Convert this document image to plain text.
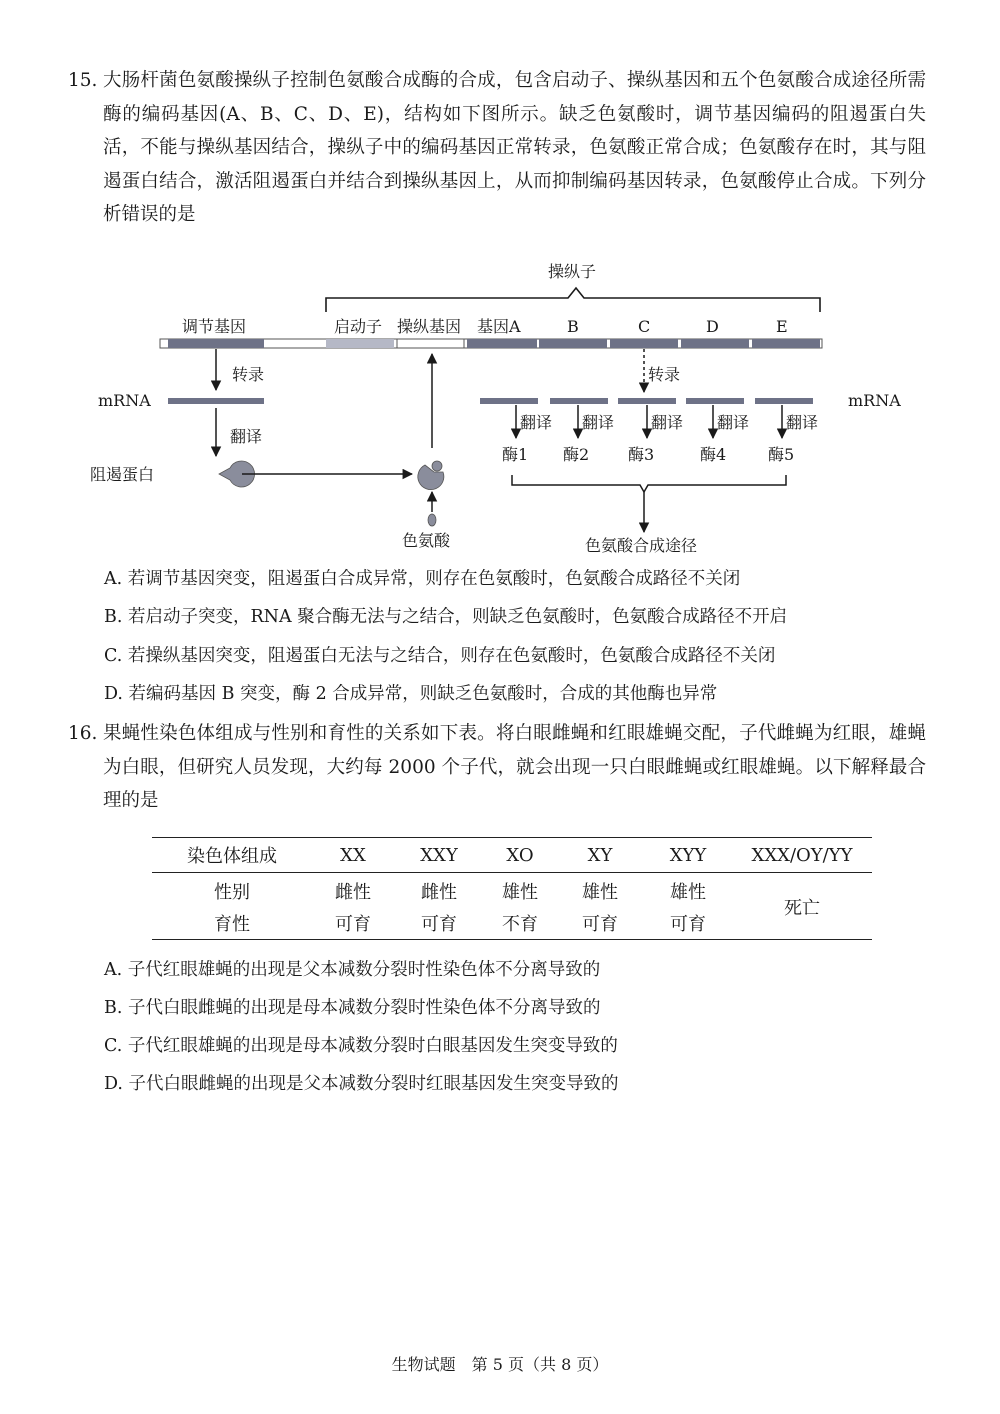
15. 大肠杆菌色氨酸操纵子控制色氨酸合成酶的合成，包含启动子、操纵基因和五个色氨酸合成途径所需酶的编码基因(A、B、C、D、E)，结构如下图所示。缺乏色氨酸时，调节基因编码的阻遏蛋白失活，不能与操纵基因结合，操纵子中的编码基因正常转录，色氨酸正常合成；色氨酸存在时，其与阻遏蛋白结合，激活阻遏蛋白并结合到操纵基因上，从而抑制编码基因转录，色氨酸停止合成。下列分析错误的是
操纵子
调节基因	启动子 操纵基因 基因A	B	C	D	E
转录	转录
mRNA	mRNA
翻译
翻译 翻译 翻译 翻译 翻译
阻遏蛋白
酶1 酶2 酶3	酶4	酶5
色氨酸	色氨酸合成途径
A. 若调节基因突变，阻遏蛋白合成异常，则存在色氨酸时，色氨酸合成路径不关闭
B. 若启动子突变，RNA 聚合酶无法与之结合，则缺乏色氨酸时，色氨酸合成路径不开启
C. 若操纵基因突变，阻遏蛋白无法与之结合，则存在色氨酸时，色氨酸合成路径不关闭
D. 若编码基因 B 突变，酶 2 合成异常，则缺乏色氨酸时，合成的其他酶也异常
16. 果蝇性染色体组成与性别和育性的关系如下表。将白眼雌蝇和红眼雄蝇交配，子代雌蝇为红眼，雄蝇为白眼，但研究人员发现，大约每 2000 个子代，就会出现一只白眼雌蝇或红眼雄蝇。以下解释最合理的是
染色体组成	XX	XXY	XO	XY	XYY	XXX/OY/YY
性别	雌性	雌性	雄性	雄性	雄性	死亡
育性	可育	可育	不育	可育	可育	
A. 子代红眼雄蝇的出现是父本减数分裂时性染色体不分离导致的
B. 子代白眼雌蝇的出现是母本减数分裂时性染色体不分离导致的
C. 子代红眼雄蝇的出现是母本减数分裂时白眼基因发生突变导致的
D. 子代白眼雌蝇的出现是父本减数分裂时红眼基因发生突变导致的
生物试题　第 5 页（共 8 页）
